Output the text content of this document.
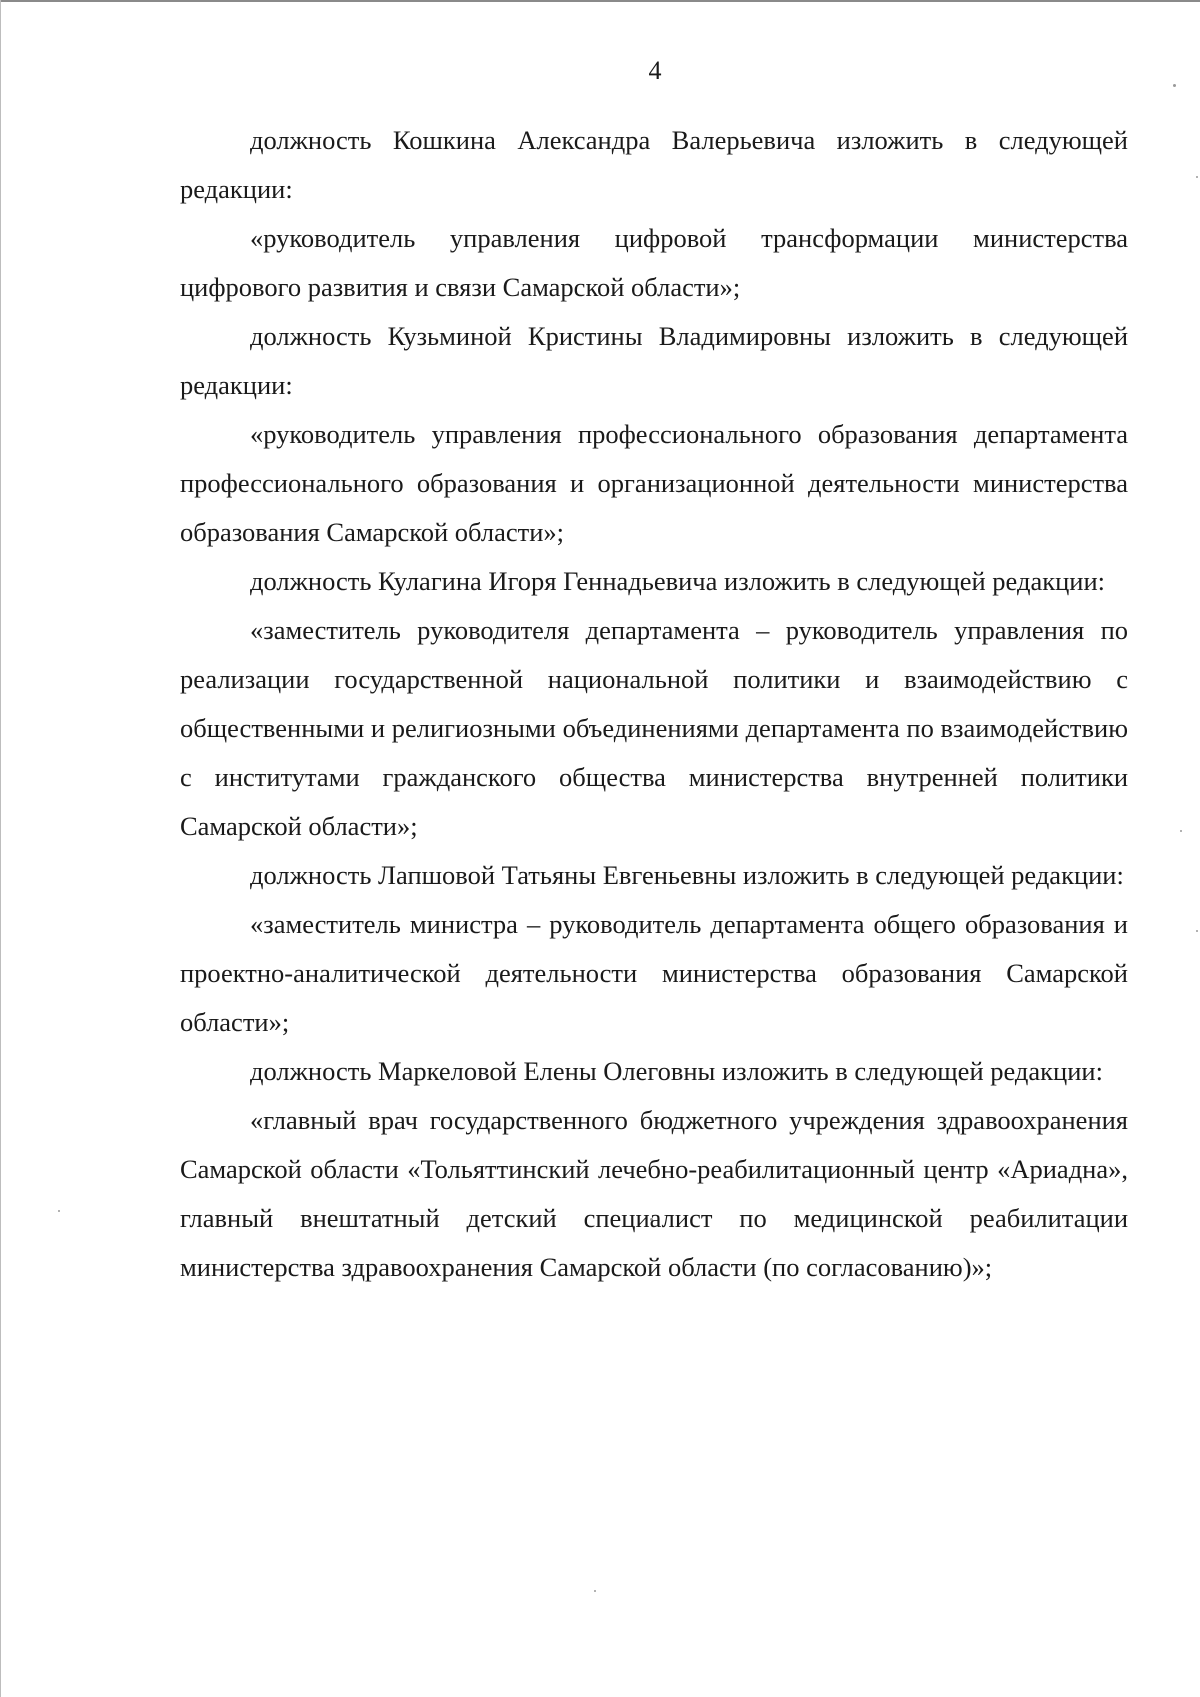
4

должность Кошкина Александра Валерьевича изложить в следующей редакции:

«руководитель управления цифровой трансформации министерства цифрового развития и связи Самарской области»;

должность Кузьминой Кристины Владимировны изложить в следующей редакции:

«руководитель управления профессионального образования департамента профессионального образования и организационной деятельности министерства образования Самарской области»;

должность Кулагина Игоря Геннадьевича изложить в следующей редакции:

«заместитель руководителя департамента – руководитель управления по реализации государственной национальной политики и взаимодействию с общественными и религиозными объединениями департамента по взаимодействию с институтами гражданского общества министерства внутренней политики Самарской области»;

должность Лапшовой Татьяны Евгеньевны изложить в следующей редакции:

«заместитель министра – руководитель департамента общего образования и проектно-аналитической деятельности министерства образования Самарской области»;

должность Маркеловой Елены Олеговны изложить в следующей редакции:

«главный врач государственного бюджетного учреждения здравоохранения Самарской области «Тольяттинский лечебно-реабилитационный центр «Ариадна», главный внештатный детский специалист по медицинской реабилитации министерства здравоохранения Самарской области (по согласованию)»;
